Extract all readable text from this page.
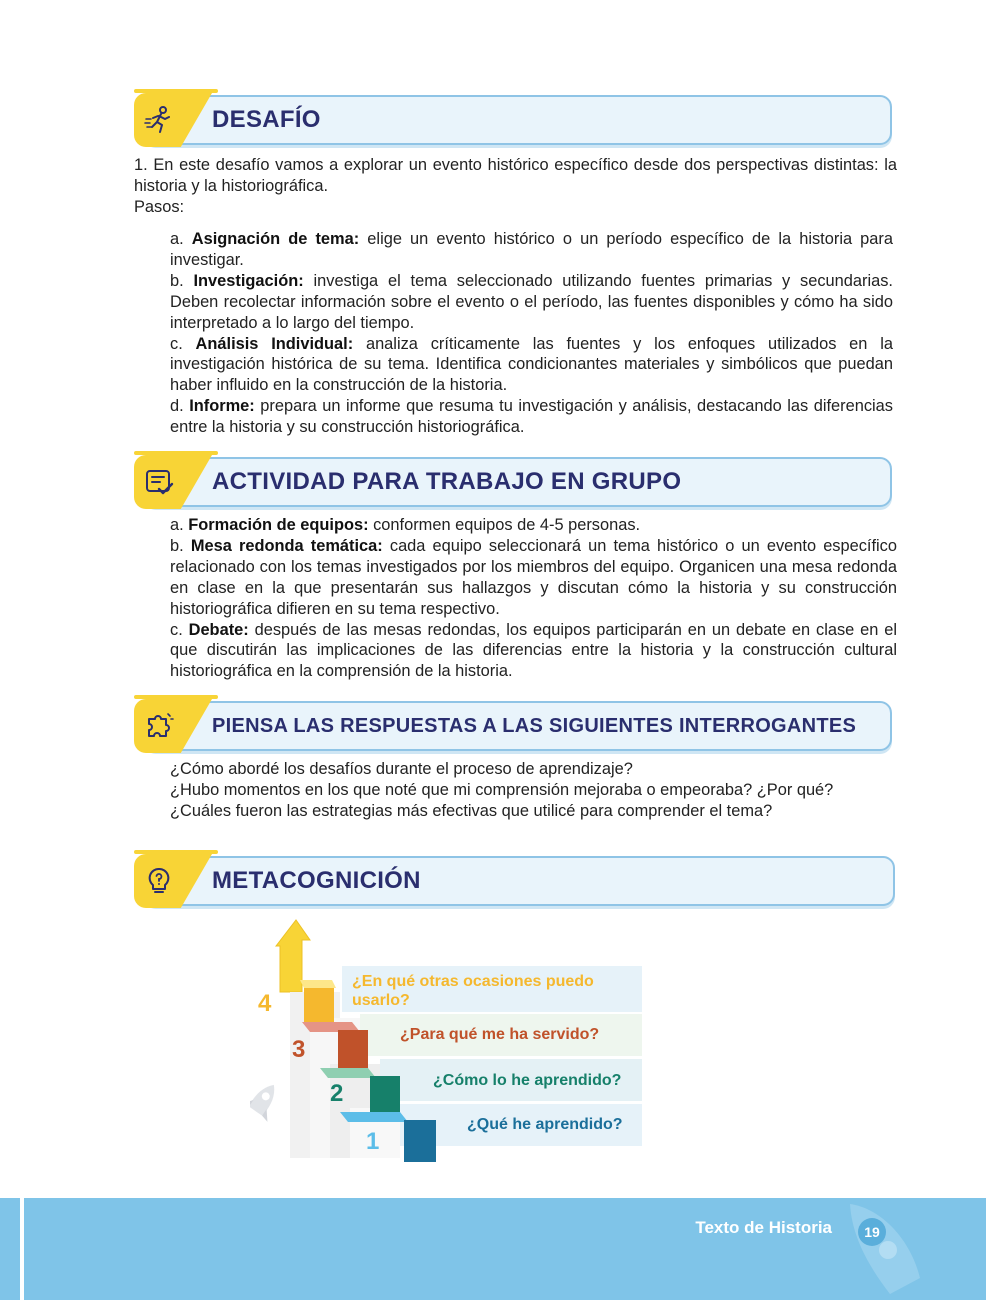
DESAFÍO

1. En este desafío vamos a explorar un evento histórico específico desde dos perspectivas distintas: la historia y la historiográfica.

Pasos:

a. Asignación de tema: elige un evento histórico o un período específico de la historia para investigar.

b. Investigación: investiga el tema seleccionado utilizando fuentes primarias y secundarias. Deben recolectar información sobre el evento o el período, las fuentes disponibles y cómo ha sido interpretado a lo largo del tiempo.

c. Análisis Individual: analiza críticamente las fuentes y los enfoques utilizados en la investigación histórica de su tema. Identifica condicionantes materiales y simbólicos que puedan haber influido en la construcción de la historia.

d. Informe: prepara un informe que resuma tu investigación y análisis, destacando las diferencias entre la historia y su construcción historiográfica.

ACTIVIDAD PARA TRABAJO EN GRUPO

a. Formación de equipos: conformen equipos de 4-5 personas.

b. Mesa redonda temática: cada equipo seleccionará un tema histórico o un evento específico relacionado con los temas investigados por los miembros del equipo. Organicen una mesa redonda en clase en la que presentarán sus hallazgos y discutan cómo la historia y su construcción historiográfica difieren en su tema respectivo.

c. Debate: después de las mesas redondas, los equipos participarán en un debate en clase en el que discutirán las implicaciones de las diferencias entre la historia y la construcción cultural historiográfica en la comprensión de la historia.

PIENSA LAS RESPUESTAS A LAS SIGUIENTES INTERROGANTES

¿Cómo abordé los desafíos durante el proceso de aprendizaje?

¿Hubo momentos en los que noté que mi comprensión mejoraba o empeoraba? ¿Por qué?

¿Cuáles fueron las estrategias más efectivas que utilicé para comprender el tema?

METACOGNICIÓN
4
3
2
1
¿En qué otras ocasiones puedo usarlo?
¿Para qué me ha servido?
¿Cómo lo he aprendido?
¿Qué he aprendido?
Texto de Historia	19
